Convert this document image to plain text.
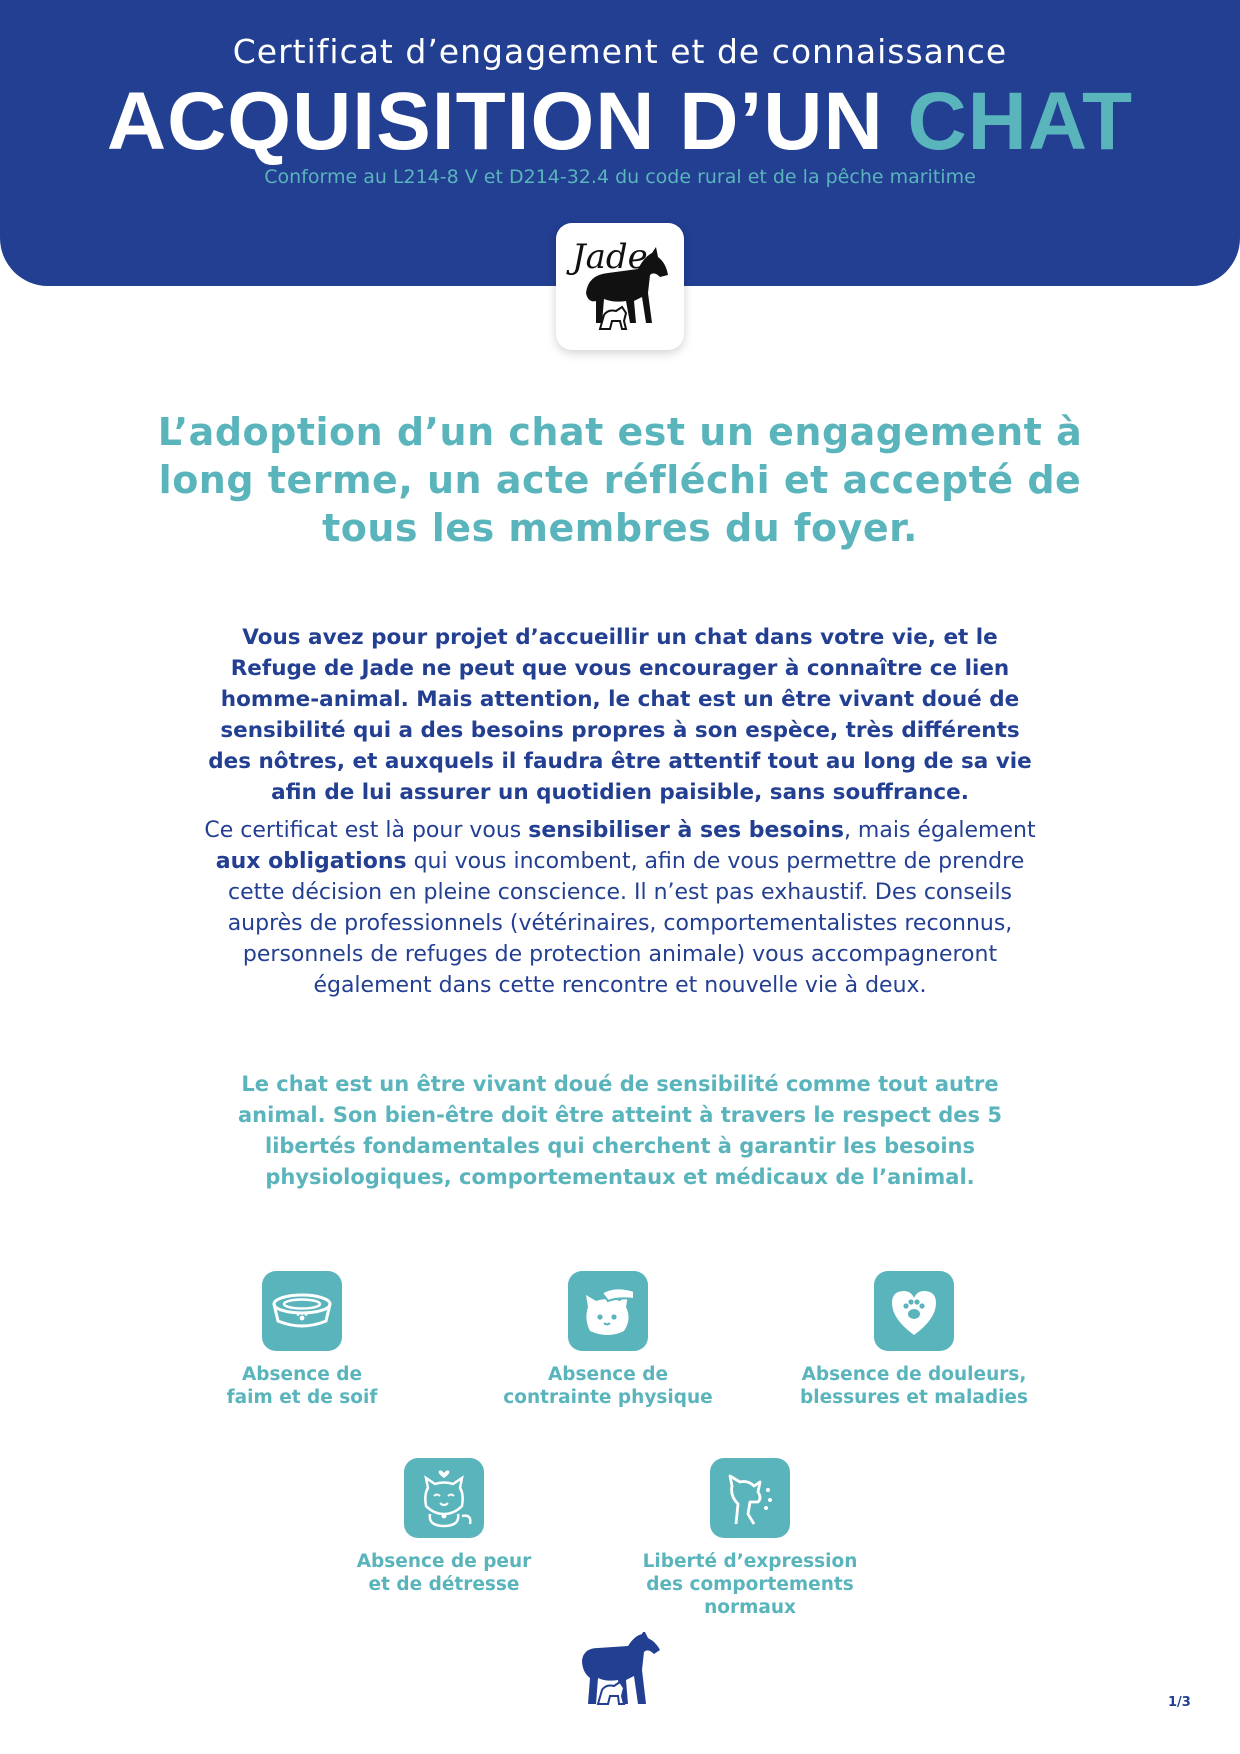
Certificat d’engagement et de connaissance
ACQUISITION D’UN CHAT
Conforme au L214-8 V et D214-32.4 du code rural et de la pêche maritime
Jade
L’adoption d’un chat est un engagement à long terme, un acte réfléchi et accepté de tous les membres du foyer.
Vous avez pour projet d’accueillir un chat dans votre vie, et le Refuge de Jade ne peut que vous encourager à connaître ce lien homme-animal. Mais attention, le chat est un être vivant doué de sensibilité qui a des besoins propres à son espèce, très différents des nôtres, et auxquels il faudra être attentif tout au long de sa vie afin de lui assurer un quotidien paisible, sans souffrance.
Ce certificat est là pour vous sensibiliser à ses besoins, mais également aux obligations qui vous incombent, afin de vous permettre de prendre cette décision en pleine conscience. Il n’est pas exhaustif. Des conseils auprès de professionnels (vétérinaires, comportementalistes reconnus, personnels de refuges de protection animale) vous accompagneront également dans cette rencontre et nouvelle vie à deux.
Le chat est un être vivant doué de sensibilité comme tout autre animal. Son bien-être doit être atteint à travers le respect des 5 libertés fondamentales qui cherchent à garantir les besoins physiologiques, comportementaux et médicaux de l’animal.
Absence de
faim et de soif
Absence de
contrainte physique
Absence de douleurs,
blessures et maladies
Absence de peur
et de détresse
Liberté d’expression
des comportements normaux
1/3
